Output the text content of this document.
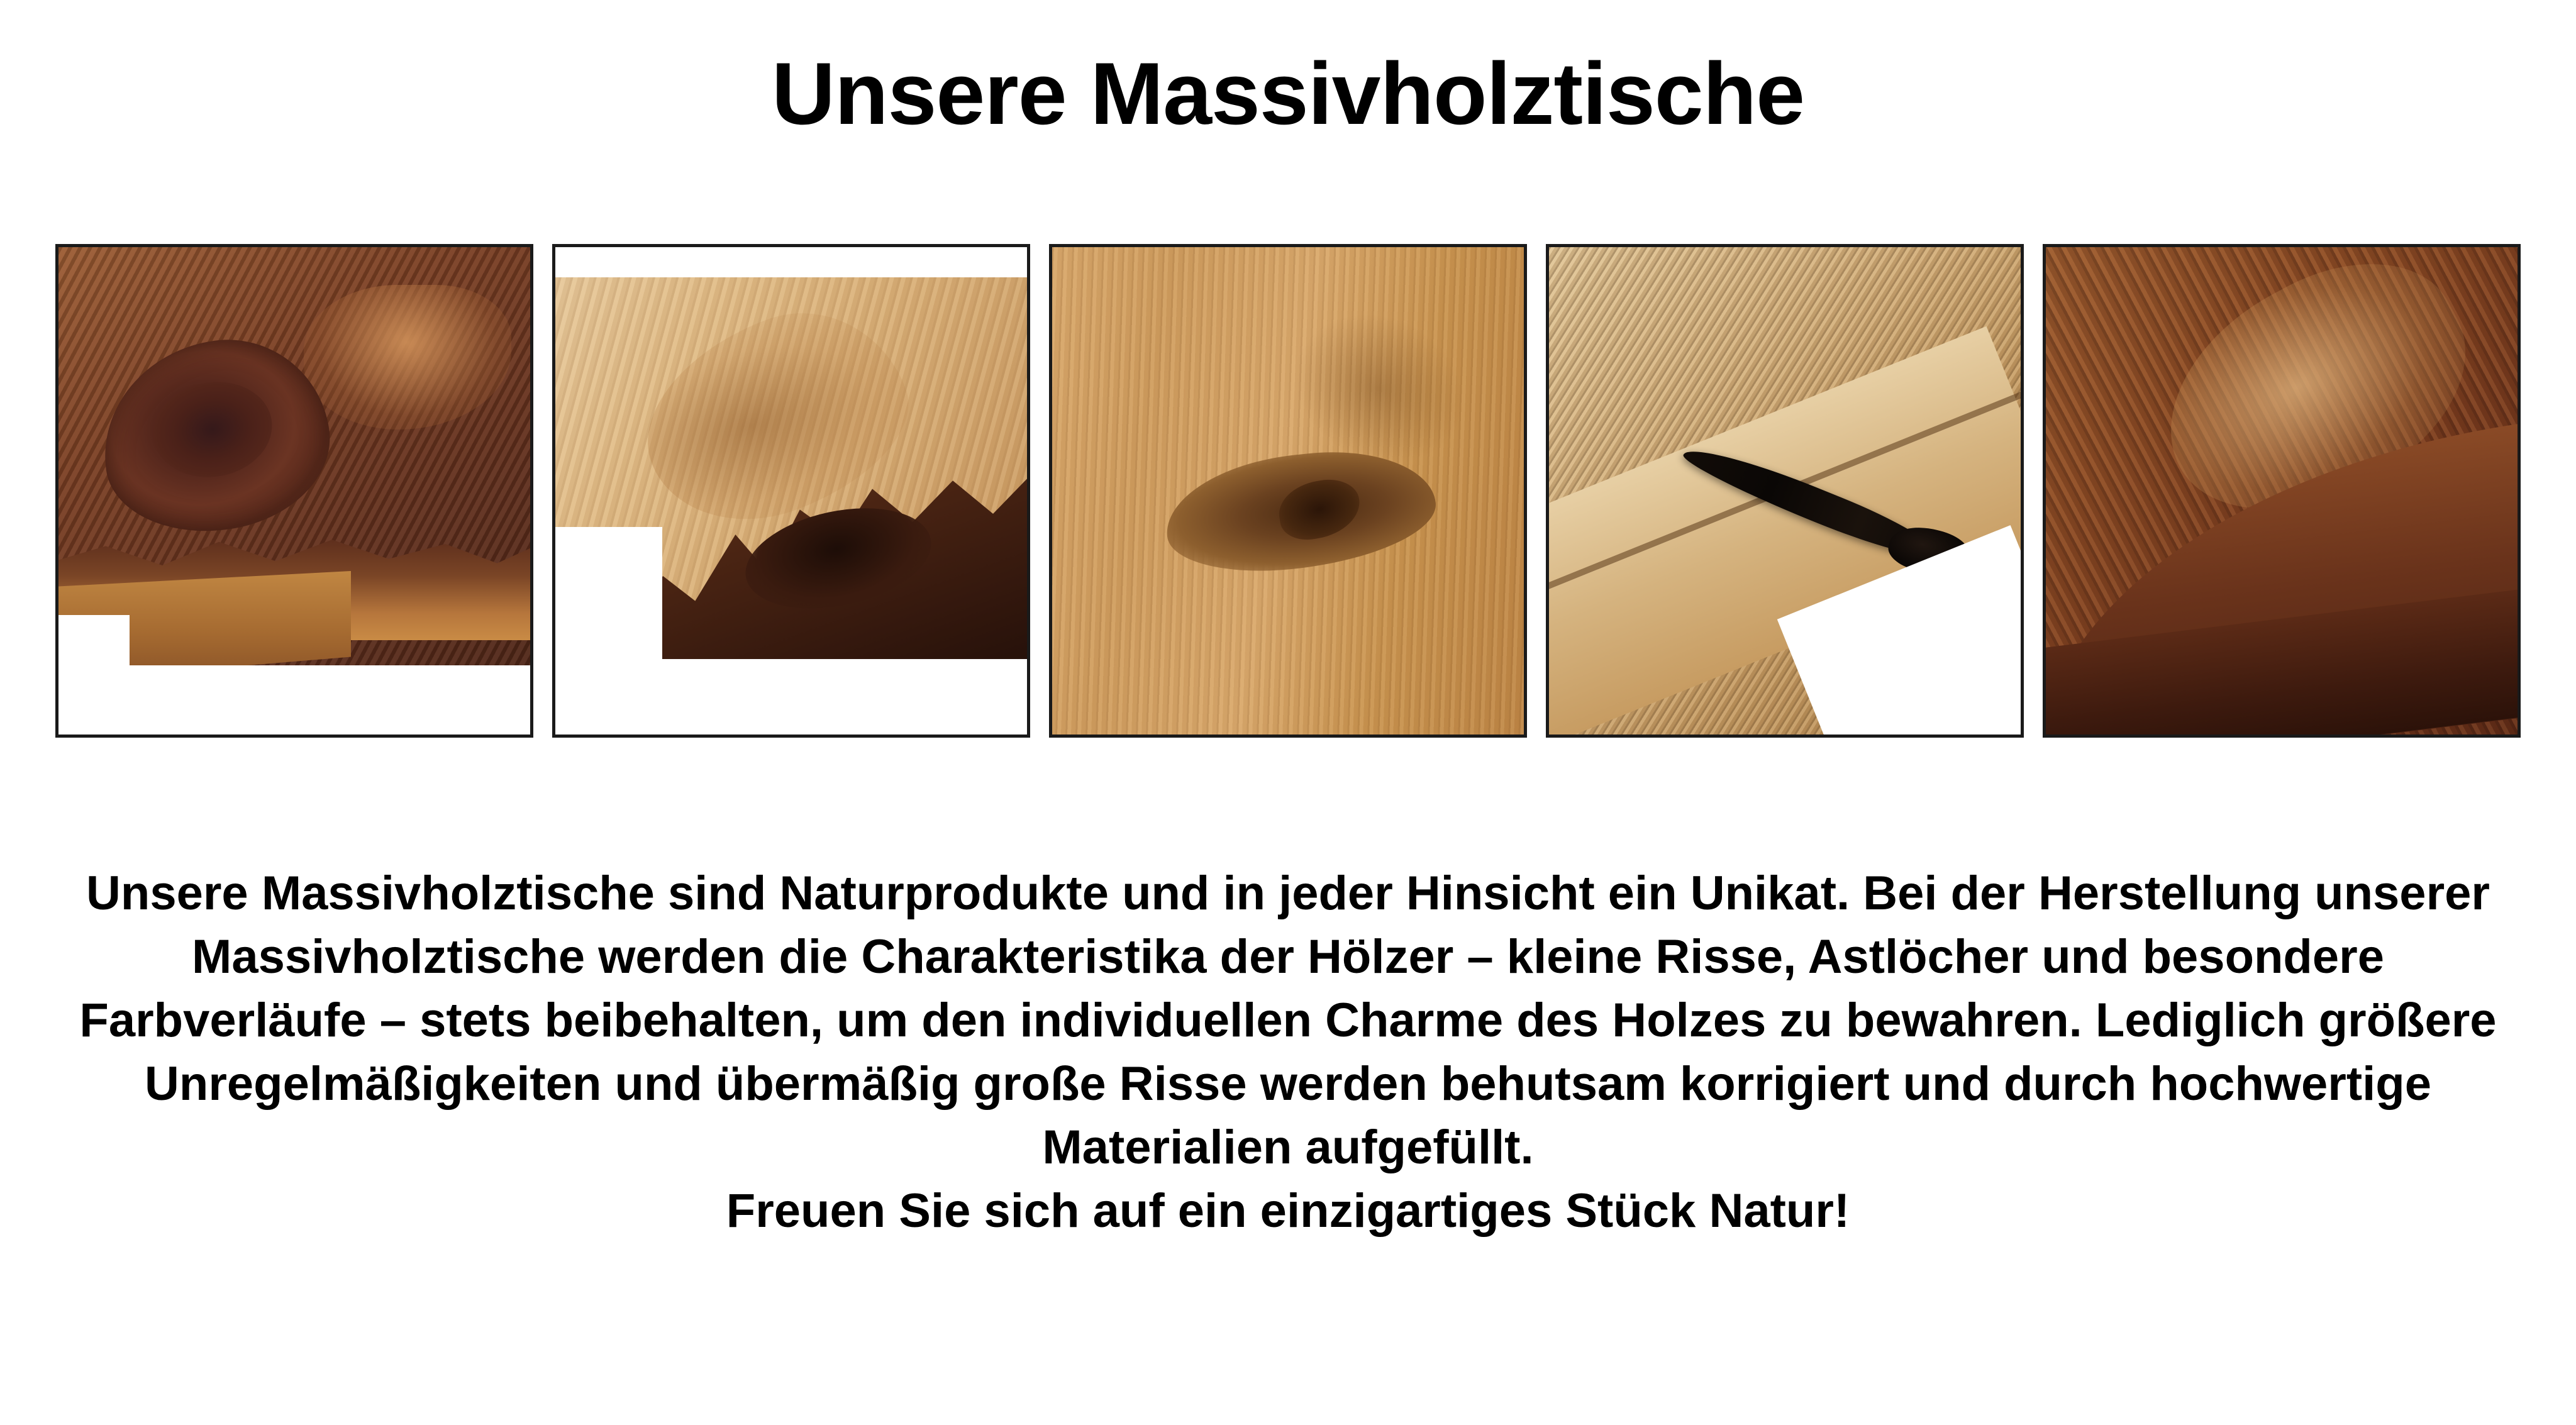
Unsere Massivholztische

Unsere Massivholztische sind Naturprodukte und in jeder Hinsicht ein Unikat. Bei der Herstellung unserer Massivholztische werden die Charakteristika der Hölzer – kleine Risse, Astlöcher und besondere Farbverläufe – stets beibehalten, um den individuellen Charme des Holzes zu bewahren. Lediglich größere Unregelmäßigkeiten und übermäßig große Risse werden behutsam korrigiert und durch hochwertige Materialien aufgefüllt.

Freuen Sie sich auf ein einzigartiges Stück Natur!
